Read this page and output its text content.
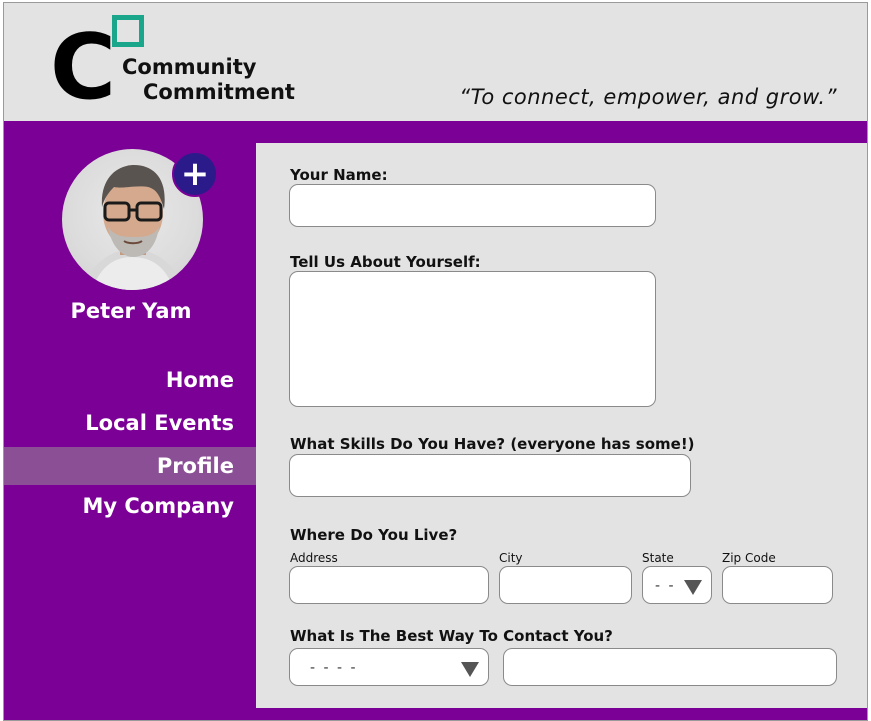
C Community
Commitment	“To connect, empower, and grow.”
+
Peter Yam
Home
Local Events
Profile
My Company
Your Name:
Tell Us About Yourself:
What Skills Do You Have? (everyone has some!)
Where Do You Live?
Address	City	State	Zip Code
- -
What Is The Best Way To Contact You?
- - - -
